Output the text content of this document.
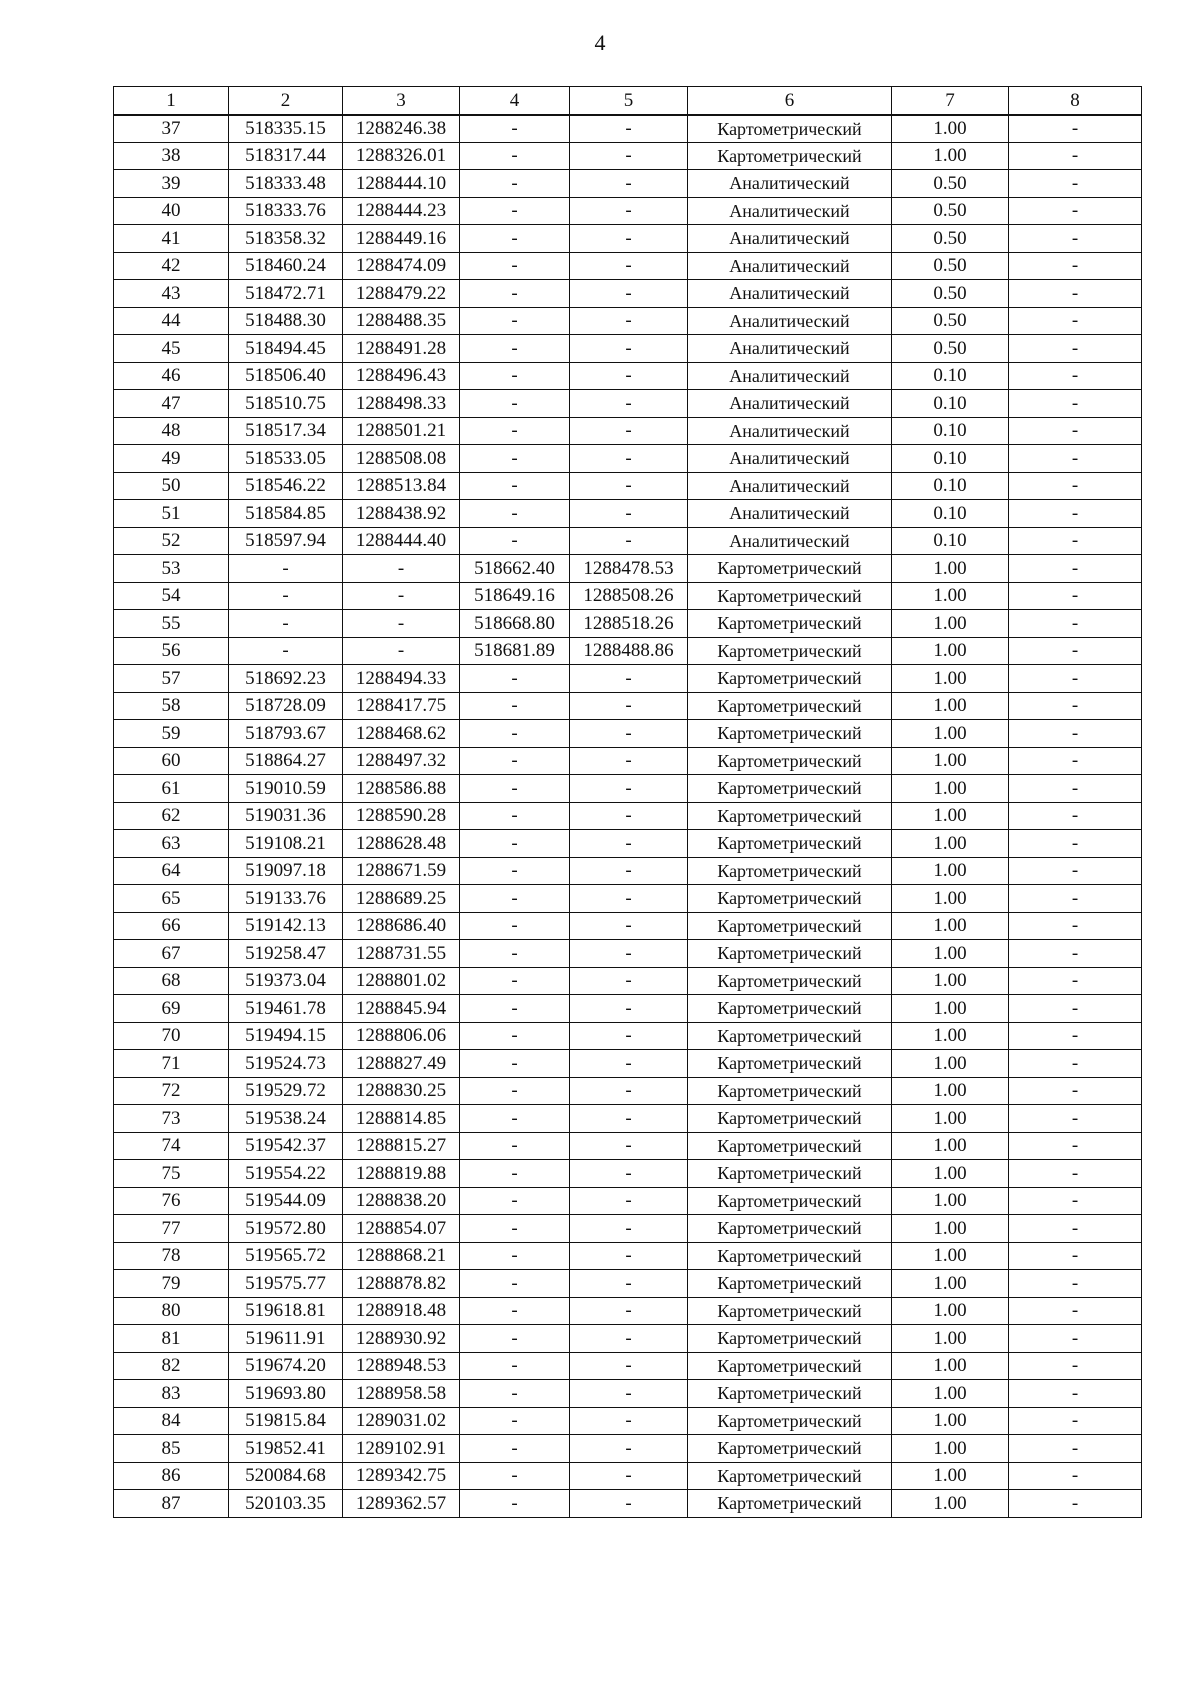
4
1	2	3	4	5	6	7	8
37	518335.15	1288246.38	-	-	Картометрический	1.00	-
38	518317.44	1288326.01	-	-	Картометрический	1.00	-
39	518333.48	1288444.10	-	-	Аналитический	0.50	-
40	518333.76	1288444.23	-	-	Аналитический	0.50	-
41	518358.32	1288449.16	-	-	Аналитический	0.50	-
42	518460.24	1288474.09	-	-	Аналитический	0.50	-
43	518472.71	1288479.22	-	-	Аналитический	0.50	-
44	518488.30	1288488.35	-	-	Аналитический	0.50	-
45	518494.45	1288491.28	-	-	Аналитический	0.50	-
46	518506.40	1288496.43	-	-	Аналитический	0.10	-
47	518510.75	1288498.33	-	-	Аналитический	0.10	-
48	518517.34	1288501.21	-	-	Аналитический	0.10	-
49	518533.05	1288508.08	-	-	Аналитический	0.10	-
50	518546.22	1288513.84	-	-	Аналитический	0.10	-
51	518584.85	1288438.92	-	-	Аналитический	0.10	-
52	518597.94	1288444.40	-	-	Аналитический	0.10	-
53	-	-	518662.40	1288478.53	Картометрический	1.00	-
54	-	-	518649.16	1288508.26	Картометрический	1.00	-
55	-	-	518668.80	1288518.26	Картометрический	1.00	-
56	-	-	518681.89	1288488.86	Картометрический	1.00	-
57	518692.23	1288494.33	-	-	Картометрический	1.00	-
58	518728.09	1288417.75	-	-	Картометрический	1.00	-
59	518793.67	1288468.62	-	-	Картометрический	1.00	-
60	518864.27	1288497.32	-	-	Картометрический	1.00	-
61	519010.59	1288586.88	-	-	Картометрический	1.00	-
62	519031.36	1288590.28	-	-	Картометрический	1.00	-
63	519108.21	1288628.48	-	-	Картометрический	1.00	-
64	519097.18	1288671.59	-	-	Картометрический	1.00	-
65	519133.76	1288689.25	-	-	Картометрический	1.00	-
66	519142.13	1288686.40	-	-	Картометрический	1.00	-
67	519258.47	1288731.55	-	-	Картометрический	1.00	-
68	519373.04	1288801.02	-	-	Картометрический	1.00	-
69	519461.78	1288845.94	-	-	Картометрический	1.00	-
70	519494.15	1288806.06	-	-	Картометрический	1.00	-
71	519524.73	1288827.49	-	-	Картометрический	1.00	-
72	519529.72	1288830.25	-	-	Картометрический	1.00	-
73	519538.24	1288814.85	-	-	Картометрический	1.00	-
74	519542.37	1288815.27	-	-	Картометрический	1.00	-
75	519554.22	1288819.88	-	-	Картометрический	1.00	-
76	519544.09	1288838.20	-	-	Картометрический	1.00	-
77	519572.80	1288854.07	-	-	Картометрический	1.00	-
78	519565.72	1288868.21	-	-	Картометрический	1.00	-
79	519575.77	1288878.82	-	-	Картометрический	1.00	-
80	519618.81	1288918.48	-	-	Картометрический	1.00	-
81	519611.91	1288930.92	-	-	Картометрический	1.00	-
82	519674.20	1288948.53	-	-	Картометрический	1.00	-
83	519693.80	1288958.58	-	-	Картометрический	1.00	-
84	519815.84	1289031.02	-	-	Картометрический	1.00	-
85	519852.41	1289102.91	-	-	Картометрический	1.00	-
86	520084.68	1289342.75	-	-	Картометрический	1.00	-
87	520103.35	1289362.57	-	-	Картометрический	1.00	-
